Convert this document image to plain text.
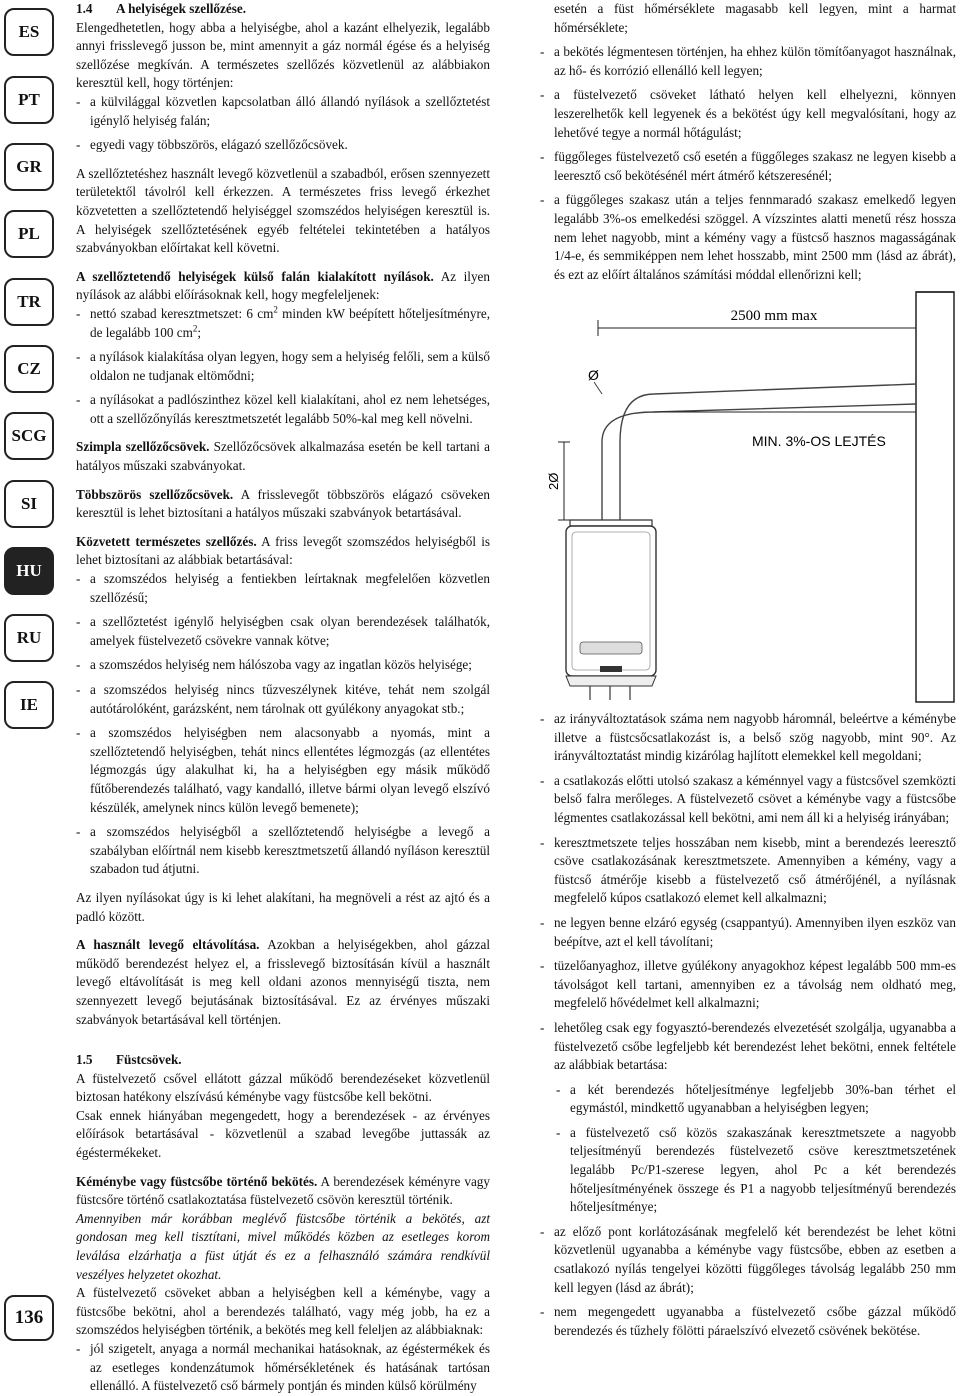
ES
PT
GR
PL
TR
CZ
SCG
SI
HU
RU
IE
136
1.4	A helyiségek szellőzése.

Elengedhetetlen, hogy abba a helyiségbe, ahol a kazánt elhelyezik, legalább annyi frisslevegő jusson be, mint amennyit a gáz normál égése és a helyiség szellőzése megkíván. A természetes szellőzés közvetlenül az alábbiakon keresztül kell, hogy történjen:

- a külvilággal közvetlen kapcsolatban álló állandó nyílások a szellőztetést igénylő helyiség falán;
- egyedi vagy többszörös, elágazó szellőzőcsövek.

A szellőztetéshez használt levegő közvetlenül a szabadból, erősen szennyezett területektől távolról kell érkezzen. A természetes friss levegő érkezhet közvetetten a szellőztetendő helyiséggel szomszédos helyiségen keresztül is. A helyiségek szellőztetésének egyéb feltételei tekintetében a hatályos szabványokban előírtakat kell követni.

A szellőztetendő helyiségek külső falán kialakított nyílások. Az ilyen nyílások az alábbi előírásoknak kell, hogy megfeleljenek:

- nettó szabad keresztmetszet: 6 $cm^2$ minden kW beépített hőteljesítményre, de legalább 100 $cm^2$;
- a nyílások kialakítása olyan legyen, hogy sem a helyiség felőli, sem a külső oldalon ne tudjanak eltömődni;
- a nyílásokat a padlószinthez közel kell kialakítani, ahol ez nem lehetséges, ott a szellőzőnyílás keresztmetszetét legalább 50%-kal meg kell növelni.

Szimpla szellőzőcsövek. Szellőzőcsövek alkalmazása esetén be kell tartani a hatályos műszaki szabványokat.

Többszörös szellőzőcsövek. A frisslevegőt többszörös elágazó csöveken keresztül is lehet biztosítani a hatályos műszaki szabványok betartásával.

Közvetett természetes szellőzés. A friss levegőt szomszédos helyiségből is lehet biztosítani az alábbiak betartásával:

- a szomszédos helyiség a fentiekben leírtaknak megfelelően közvetlen szellőzésű;
- a szellőztetést igénylő helyiségben csak olyan berendezések találhatók, amelyek füstelvezető csövekre vannak kötve;
- a szomszédos helyiség nem hálószoba vagy az ingatlan közös helyisége;
- a szomszédos helyiség nincs tűzveszélynek kitéve, tehát nem szolgál autótárolóként, garázsként, nem tárolnak ott gyúlékony anyagokat stb.;
- a szomszédos helyiségben nem alacsonyabb a nyomás, mint a szellőztetendő helyiségben, tehát nincs ellentétes légmozgás (az ellentétes légmozgás úgy alakulhat ki, ha a helyiségben egy másik működő fűtőberendezés található, vagy kandalló, illetve bármi olyan levegő elszívó készülék, amelynek nincs külön levegő bemenete);
- a szomszédos helyiségből a szellőztetendő helyiségbe a levegő a szabályban előírtnál nem kisebb keresztmetszetű állandó nyíláson keresztül szabadon tud átjutni.

Az ilyen nyílásokat úgy is ki lehet alakítani, ha megnöveli a rést az ajtó és a padló között.

A használt levegő eltávolítása. Azokban a helyiségekben, ahol gázzal működő berendezést helyez el, a frisslevegő biztosításán kívül a használt levegő eltávolítását is meg kell oldani azonos mennyiségű tiszta, nem szennyezett levegő bejutásának biztosításával. Ez az érvényes műszaki szabványok betartásával kell történjen.

1.5	Füstcsövek.

A füstelvezető csővel ellátott gázzal működő berendezéseket közvetlenül biztosan hatékony elszívású kéménybe vagy füstcsőbe kell bekötni.

Csak ennek hiányában megengedett, hogy a berendezések - az érvényes előírások betartásával - közvetlenül a szabad levegőbe juttassák az égéstermékeket.

Kéménybe vagy füstcsőbe történő bekötés. A berendezések kéményre vagy füstcsőre történő csatlakoztatása füstelvezető csövön keresztül történik.

Amennyiben már korábban meglévő füstcsőbe történik a bekötés, azt gondosan meg kell tisztítani, mivel működés közben az esetleges korom leválása elzárhatja a füst útját és ez a felhasználó számára rendkívül veszélyes helyzetet okozhat.

A füstelvezető csöveket abban a helyiségben kell a kéménybe, vagy a füstcsőbe bekötni, ahol a berendezés található, vagy még jobb, ha ez a szomszédos helyiségben történik, a bekötés meg kell feleljen az alábbiaknak:

- jól szigetelt, anyaga a normál mechanikai hatásoknak, az égéstermékek és az esetleges kondenzátumok hőmérsékletének és hatásának tartósan ellenálló. A füstelvezető cső bármely pontján és minden külső körülmény

esetén a füst hőmérséklete magasabb kell legyen, mint a harmat hőmérséklete;

- a bekötés légmentesen történjen, ha ehhez külön tömítőanyagot használnak, az hő- és korrózió ellenálló kell legyen;
- a füstelvezető csöveket látható helyen kell elhelyezni, könnyen leszerelhetők kell legyenek és a bekötést úgy kell megvalósítani, hogy az lehetővé tegye a normál hőtágulást;
- függőleges füstelvezető cső esetén a függőleges szakasz ne legyen kisebb a leeresztő cső bekötésénél mért átmérő kétszeresénél;
- a függőleges szakasz után a teljes fennmaradó szakasz emelkedő legyen legalább 3%-os emelkedési szöggel. A vízszintes alatti menetű rész hossza nem lehet nagyobb, mint a kémény vagy a füstcső hasznos magasságának 1/4-e, és semmiképpen nem lehet hosszabb, mint 2500 mm (lásd az ábrát), és ezt az előírt általános számítási móddal ellenőrizni kell;
2500 mm max
MIN. 3%-OS LEJTÉS
Ø
2Ø
- az irányváltoztatások száma nem nagyobb háromnál, beleértve a kéménybe illetve a füstcsőcsatlakozást is, a belső szög nagyobb, mint 90°. Az irányváltoztatást mindig kizárólag hajlított elemekkel kell megoldani;
- a csatlakozás előtti utolsó szakasz a kéménnyel vagy a füstcsővel szemközti belső falra merőleges. A füstelvezető csövet a kéménybe vagy a füstcsőbe légmentes csatlakozással kell bekötni, ami nem áll ki a helyiség irányában;
- keresztmetszete teljes hosszában nem kisebb, mint a berendezés leeresztő csöve csatlakozásának keresztmetszete. Amennyiben a kémény, vagy a füstcső átmérője kisebb a füstelvezető cső átmérőjénél, a nyílásnak megfelelő kúpos csatlakozó elemet kell alkalmazni;
- ne legyen benne elzáró egység (csappantyú). Amennyiben ilyen eszköz van beépítve, azt el kell távolítani;
- tüzelőanyaghoz, illetve gyúlékony anyagokhoz képest legalább 500 mm-es távolságot kell tartani, amennyiben ez a távolság nem oldható meg, megfelelő hővédelmet kell alkalmazni;
- lehetőleg csak egy fogyasztó-berendezés elvezetését szolgálja, ugyanabba a füstelvezető csőbe legfeljebb két berendezést lehet bekötni, ennek feltétele az alábbiak betartása:
- a két berendezés hőteljesítménye legfeljebb 30%-ban térhet el egymástól, mindkettő ugyanabban a helyiségben legyen;
- a füstelvezető cső közös szakaszának keresztmetszete a nagyobb teljesítményű berendezés füstelvezető csöve keresztmetszetének legalább Pc/P1-szerese legyen, ahol Pc a két berendezés hőteljesítményének összege és P1 a nagyobb teljesítményű berendezés hőteljesítménye;
- az előző pont korlátozásának megfelelő két berendezést be lehet kötni közvetlenül ugyanabba a kéménybe vagy füstcsőbe, ebben az esetben a csatlakozó nyílás tengelyei közötti függőleges távolság legalább 250 mm kell legyen (lásd az ábrát);
- nem megengedett ugyanabba a füstelvezető csőbe gázzal működő berendezés és tűzhely fölötti páraelszívó elvezető csövének bekötése.
